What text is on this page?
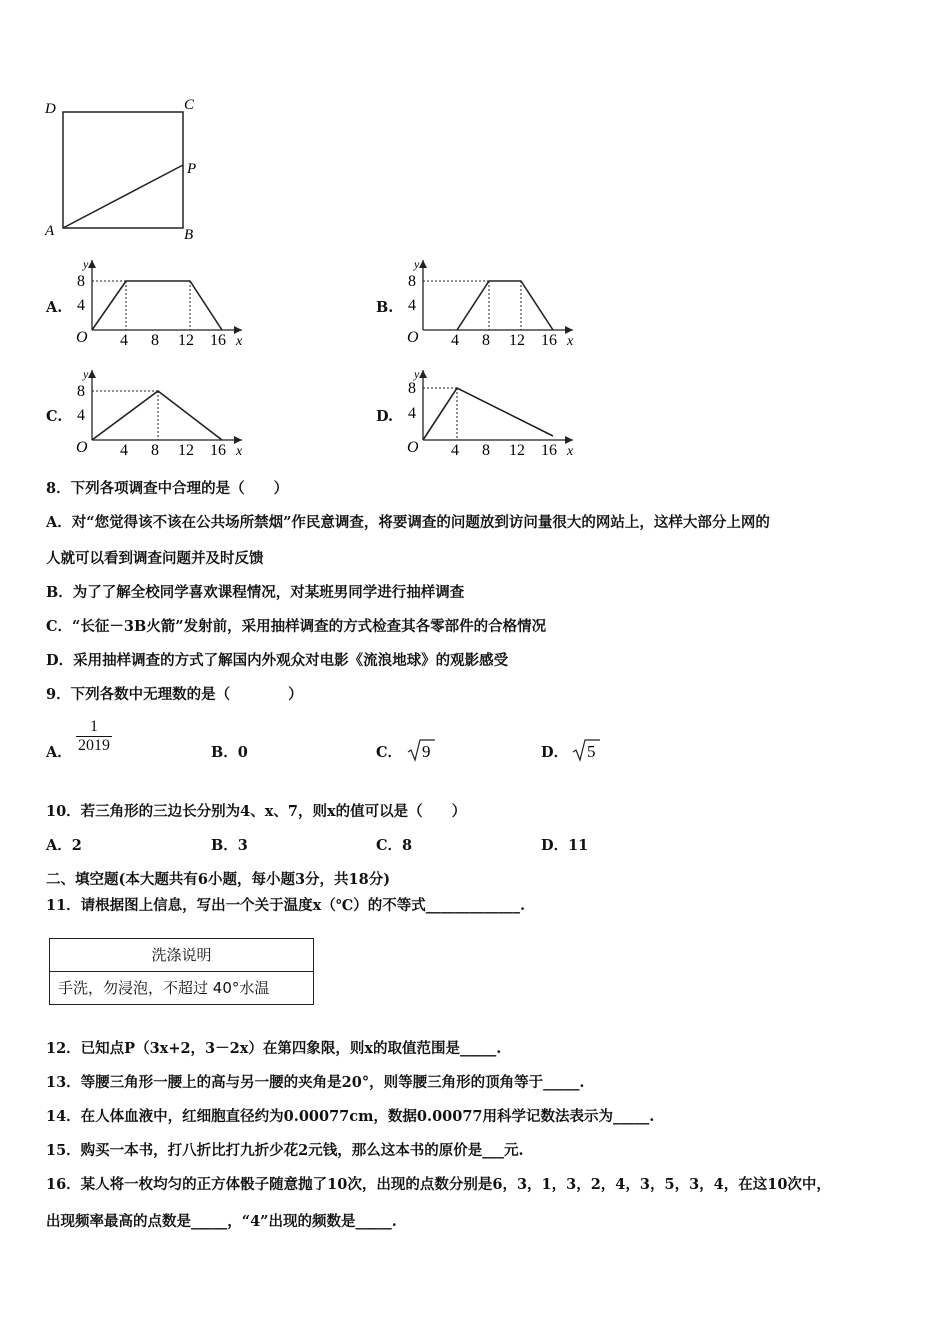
D	C
P
A	B
A.
8
4
O
y
x
4 8 12 16
B.
8
4
O
y
x
4 8 12 16
C.
8
4
O
y
x
4 8 12 16
D.
8
4
O
y
x
4 8 12 16
8．下列各项调查中合理的是（　　）
A．对“您觉得该不该在公共场所禁烟”作民意调查，将要调查的问题放到访问量很大的网站上，这样大部分上网的
人就可以看到调查问题并及时反馈
B．为了了解全校同学喜欢课程情况，对某班男同学进行抽样调查
C．“长征－3B火箭”发射前，采用抽样调查的方式检查其各零部件的合格情况
D．采用抽样调查的方式了解国内外观众对电影《流浪地球》的观影感受
9．下列各数中无理数的是（　　　　）
A． $\frac{1}{2019}$	B．0	C． 9	D． 5
10．若三角形的三边长分别为4、x、7，则x的值可以是（　　）
A．2	B．3	C．8	D．11
二、填空题(本大题共有6小题，每小题3分，共18分)
11．请根据图上信息，写出一个关于温度x（℃）的不等式_____________.
洗涤说明
手洗，勿浸泡，不超过 40°水温
12．已知点P（3x+2，3－2x）在第四象限，则x的取值范围是_____.
13．等腰三角形一腰上的高与另一腰的夹角是20°，则等腰三角形的顶角等于_____.
14．在人体血液中，红细胞直径约为0.00077cm，数据0.00077用科学记数法表示为_____.
15．购买一本书，打八折比打九折少花2元钱，那么这本书的原价是___元.
16．某人将一枚均匀的正方体骰子随意抛了10次，出现的点数分别是6，3，1，3，2，4，3，5，3，4，在这10次中，
出现频率最高的点数是_____，“4”出现的频数是_____.
